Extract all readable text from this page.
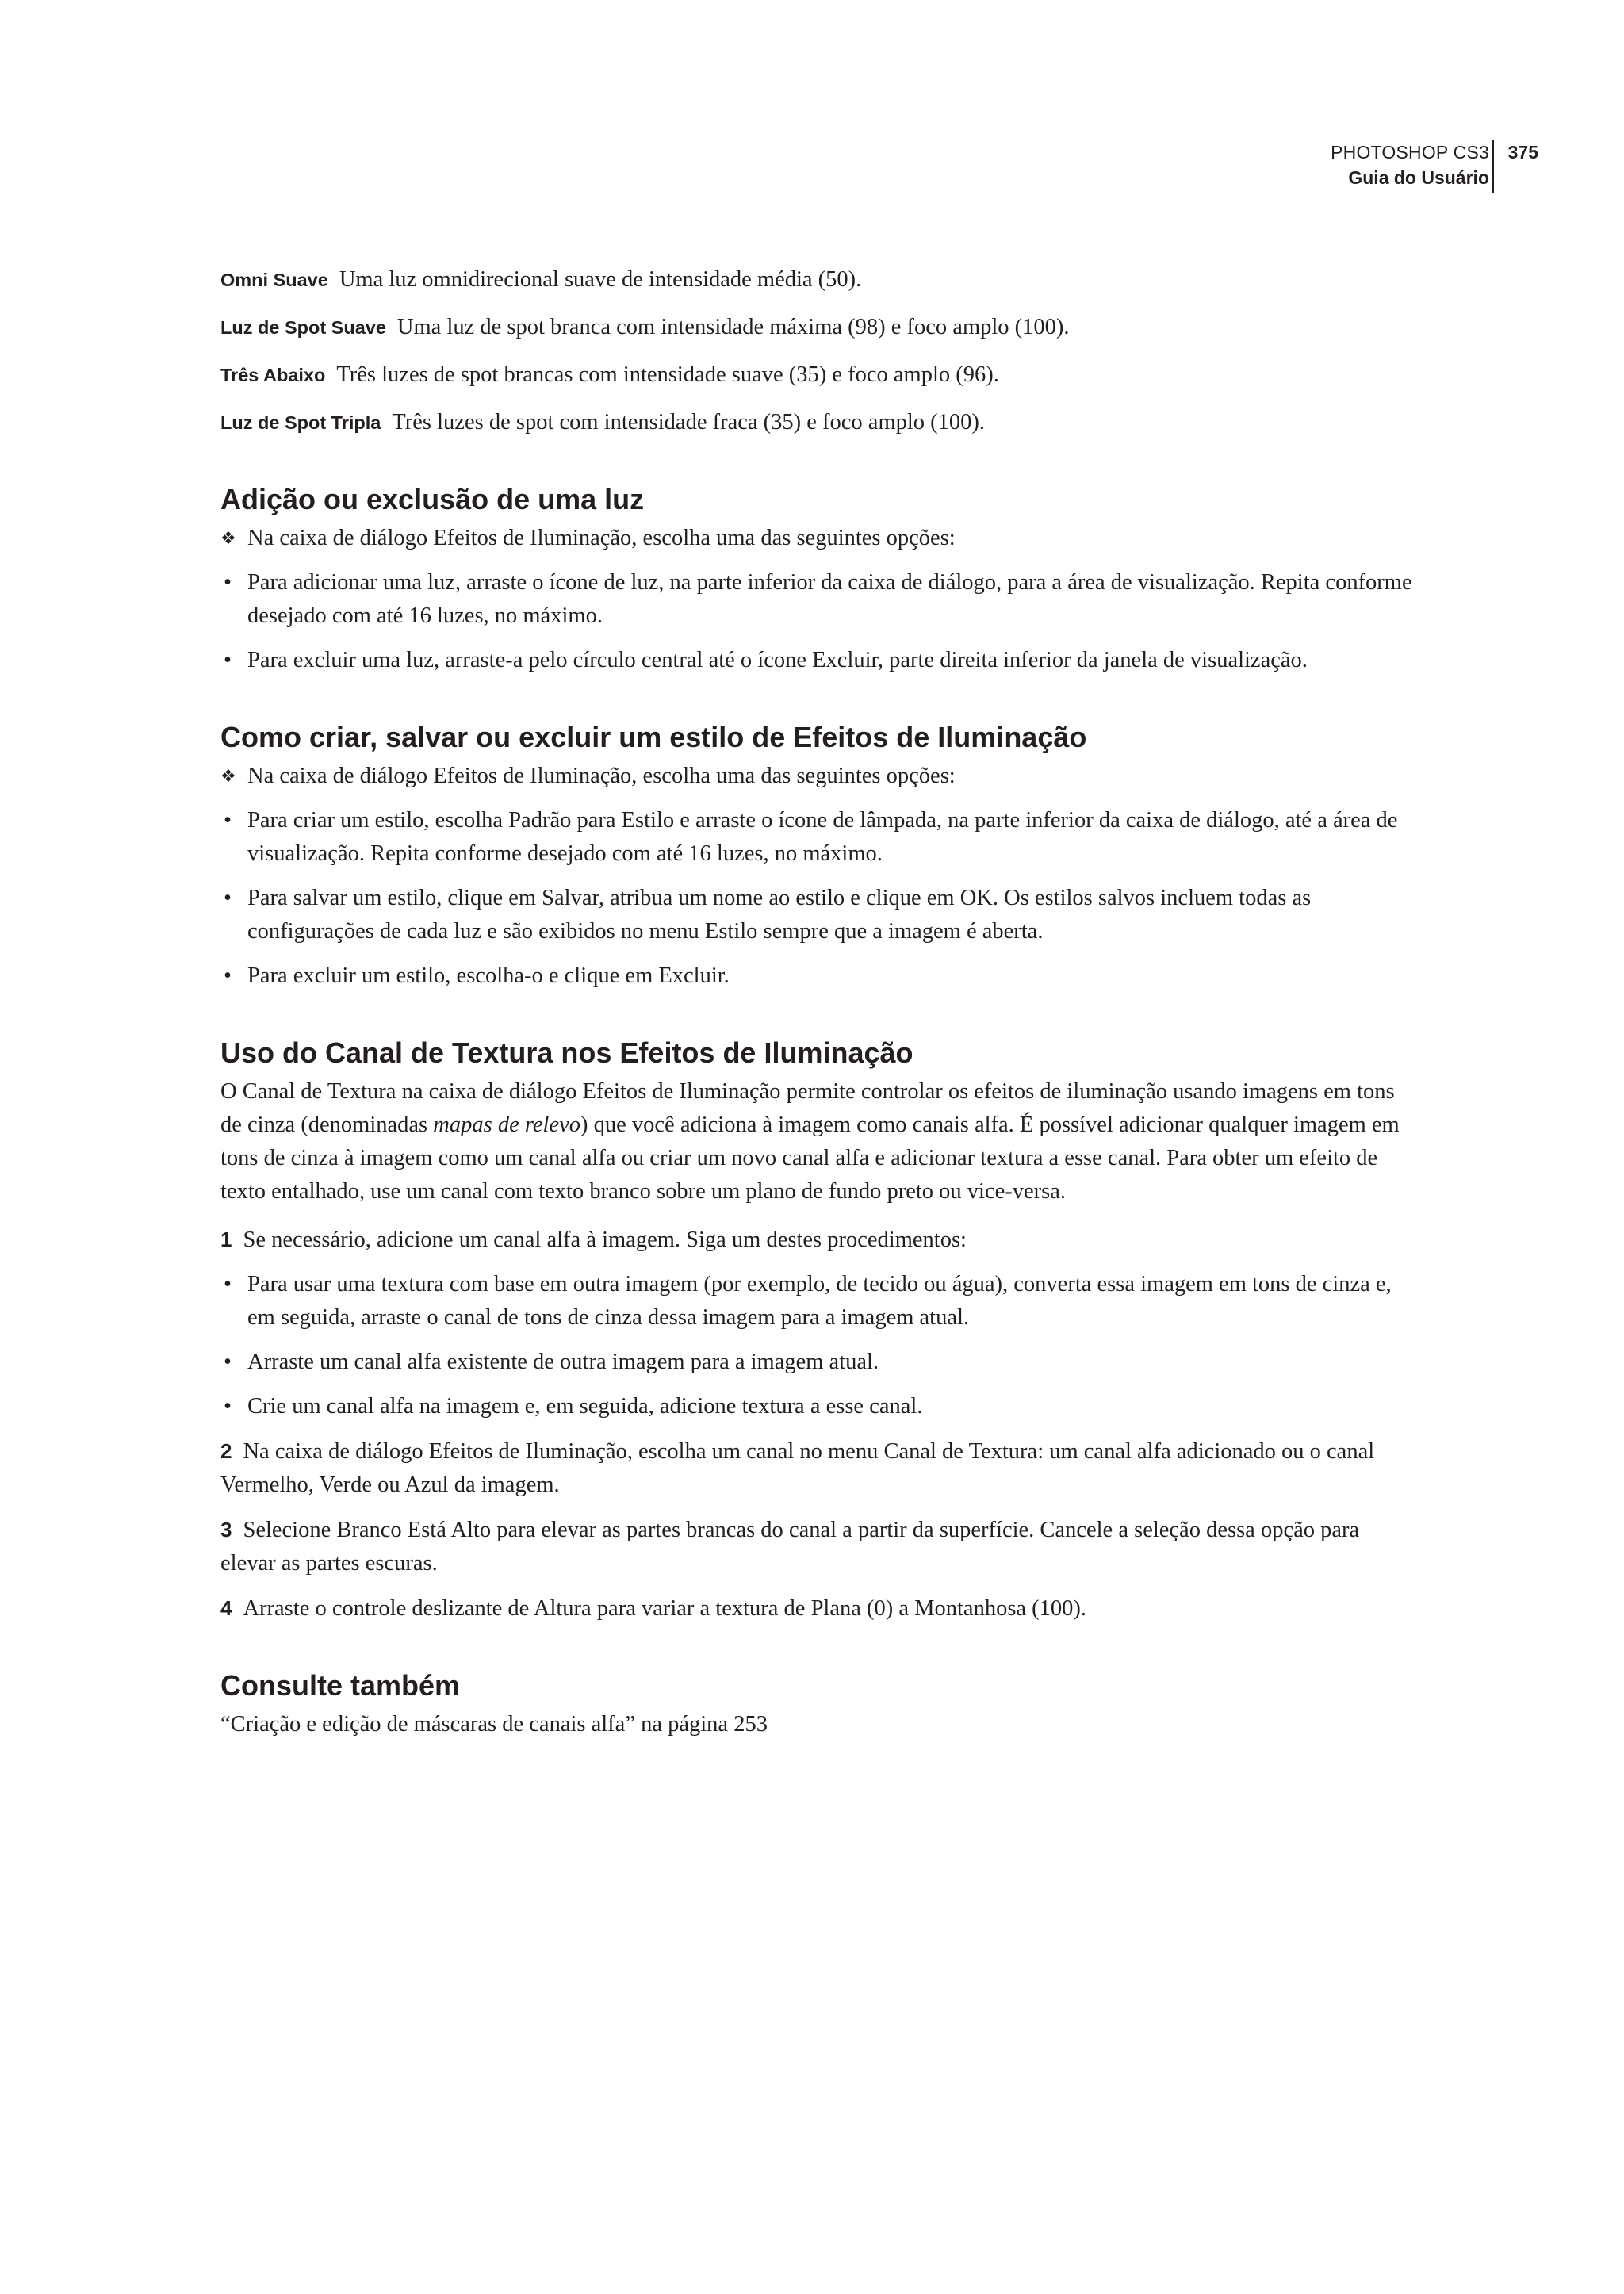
PHOTOSHOP CS3
Guia do Usuário
375

Omni Suave Uma luz omnidirecional suave de intensidade média (50).

Luz de Spot Suave Uma luz de spot branca com intensidade máxima (98) e foco amplo (100).

Três Abaixo Três luzes de spot brancas com intensidade suave (35) e foco amplo (96).

Luz de Spot Tripla Três luzes de spot com intensidade fraca (35) e foco amplo (100).

Adição ou exclusão de uma luz

❖ Na caixa de diálogo Efeitos de Iluminação, escolha uma das seguintes opções:

• Para adicionar uma luz, arraste o ícone de luz, na parte inferior da caixa de diálogo, para a área de visualização. Repita conforme desejado com até 16 luzes, no máximo.
• Para excluir uma luz, arraste-a pelo círculo central até o ícone Excluir, parte direita inferior da janela de visualização.
Como criar, salvar ou excluir um estilo de Efeitos de Iluminação

❖ Na caixa de diálogo Efeitos de Iluminação, escolha uma das seguintes opções:

• Para criar um estilo, escolha Padrão para Estilo e arraste o ícone de lâmpada, na parte inferior da caixa de diálogo, até a área de visualização. Repita conforme desejado com até 16 luzes, no máximo.
• Para salvar um estilo, clique em Salvar, atribua um nome ao estilo e clique em OK. Os estilos salvos incluem todas as configurações de cada luz e são exibidos no menu Estilo sempre que a imagem é aberta.
• Para excluir um estilo, escolha-o e clique em Excluir.
Uso do Canal de Textura nos Efeitos de Iluminação

O Canal de Textura na caixa de diálogo Efeitos de Iluminação permite controlar os efeitos de iluminação usando imagens em tons de cinza (denominadas mapas de relevo) que você adiciona à imagem como canais alfa. É possível adicionar qualquer imagem em tons de cinza à imagem como um canal alfa ou criar um novo canal alfa e adicionar textura a esse canal. Para obter um efeito de texto entalhado, use um canal com texto branco sobre um plano de fundo preto ou vice-versa.

1 Se necessário, adicione um canal alfa à imagem. Siga um destes procedimentos:

• Para usar uma textura com base em outra imagem (por exemplo, de tecido ou água), converta essa imagem em tons de cinza e, em seguida, arraste o canal de tons de cinza dessa imagem para a imagem atual.
• Arraste um canal alfa existente de outra imagem para a imagem atual.
• Crie um canal alfa na imagem e, em seguida, adicione textura a esse canal.

2 Na caixa de diálogo Efeitos de Iluminação, escolha um canal no menu Canal de Textura: um canal alfa adicionado ou o canal Vermelho, Verde ou Azul da imagem.

3 Selecione Branco Está Alto para elevar as partes brancas do canal a partir da superfície. Cancele a seleção dessa opção para elevar as partes escuras.

4 Arraste o controle deslizante de Altura para variar a textura de Plana (0) a Montanhosa (100).

Consulte também

“Criação e edição de máscaras de canais alfa” na página 253
